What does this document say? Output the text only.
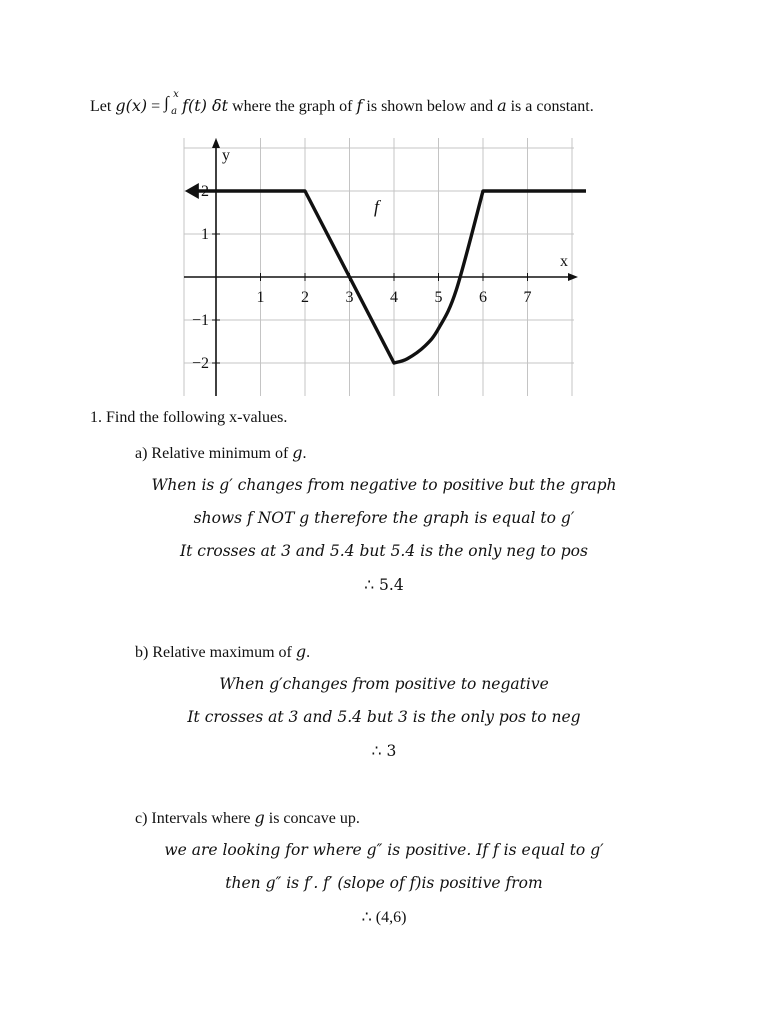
Let g(x) = ∫ x
a f(t) δt where the graph of f is shown below and a is a constant.
1 2 3 4 5 6 7
2
1
−1
−2
y
x
f
1. Find the following x-values.
a) Relative minimum of g.
When is g′ changes from negative to positive but the graph
shows f NOT g therefore the graph is equal to g′
It crosses at 3 and 5.4 but 5.4 is the only neg to pos
∴ 5.4
b) Relative maximum of g.
When g′changes from positive to negative
It crosses at 3 and 5.4 but 3 is the only pos to neg
∴ 3
c) Intervals where g is concave up.
we are looking for where g″ is positive. If f is equal to g′
then g″ is f′. f′ (slope of f)is positive from
∴ (4,6)
